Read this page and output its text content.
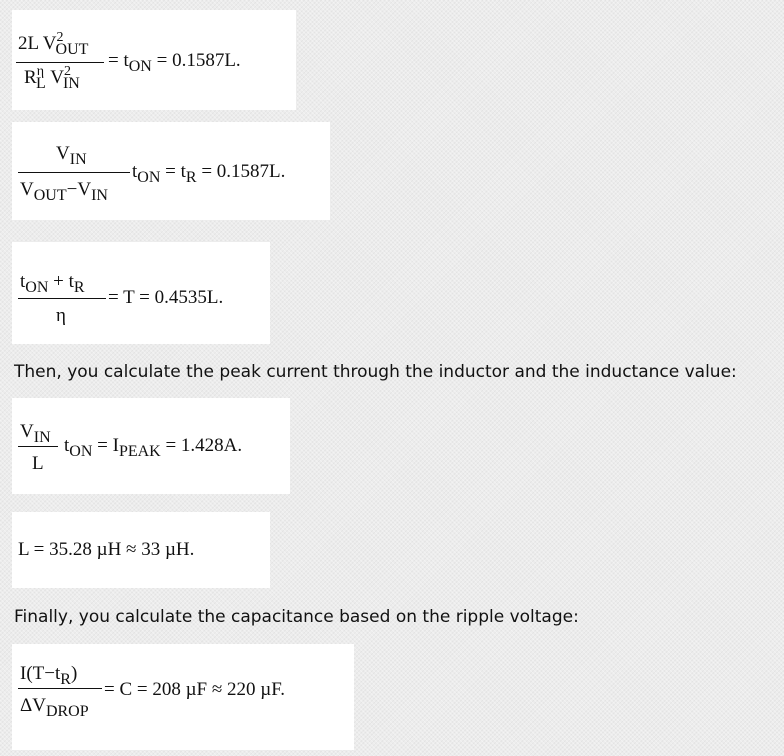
2L $V^2_{OUT}$
$R^\eta_L$ $V^2_{IN}$
= $t_{ON} = 0.1587L$.
$V_{IN}$
$V_{OUT}-V_{IN}$
$t_{ON} = t_R = 0.1587L$.
$t_{ON} + t_R$
η
= T = 0.4535L.
Then, you calculate the peak current through the inductor and the inductance value:
$V_{IN}$
L
$t_{ON} = I_{PEAK} = 1.428A$.
L = 35.28 µH ≈ 33 µH.
Finally, you calculate the capacitance based on the ripple voltage:
$I(T-t_R)$
$\Delta V_{DROP}$
= C = 208 µF ≈ 220 µF.
